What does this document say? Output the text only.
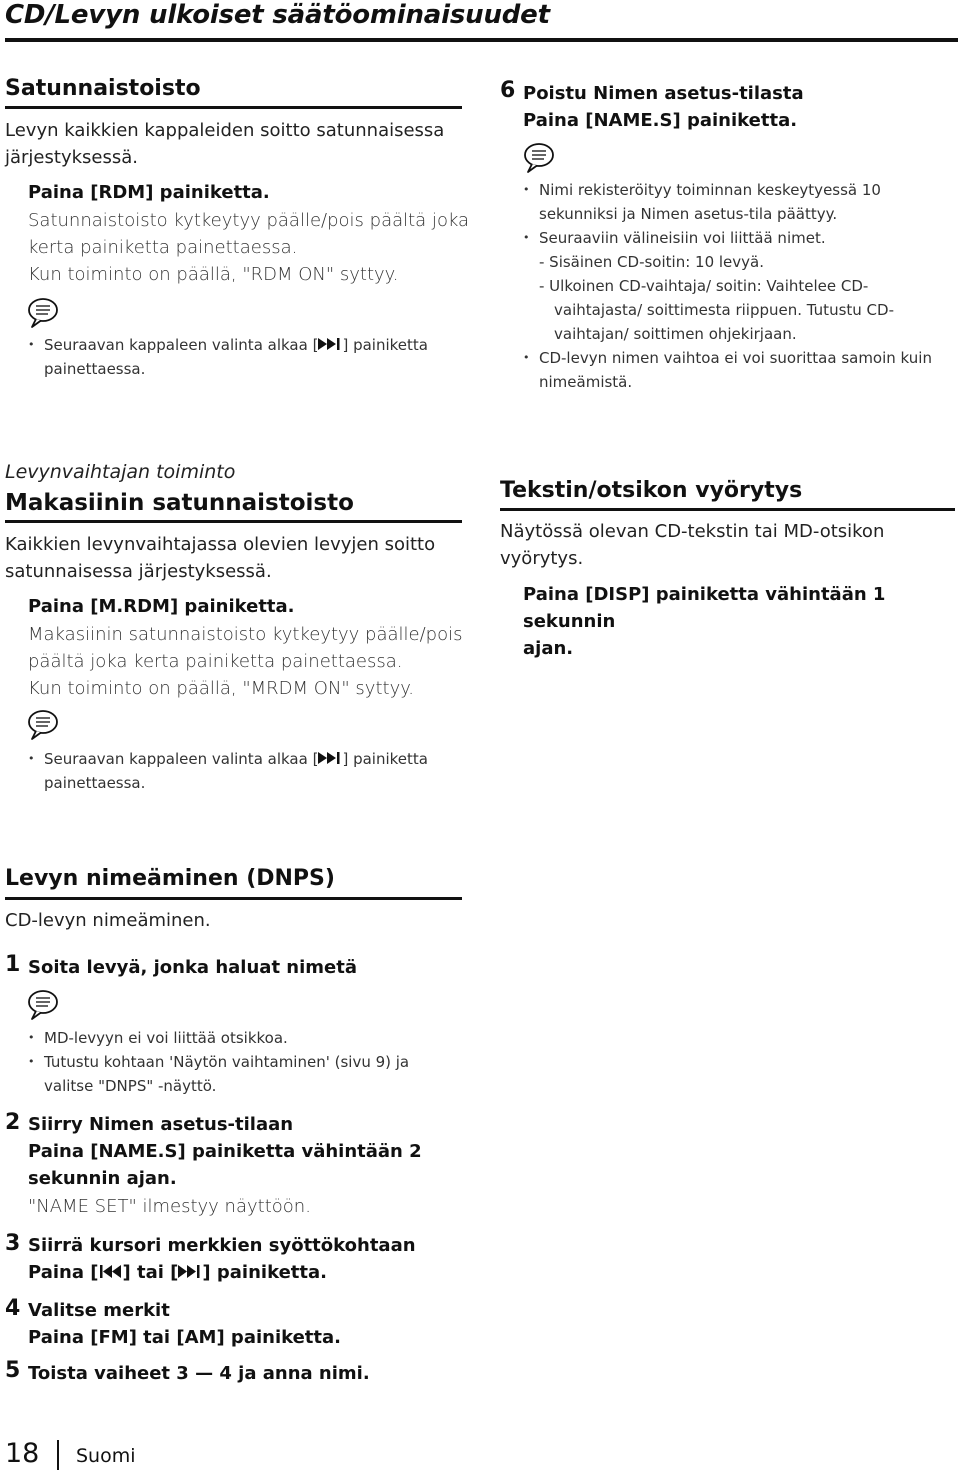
CD/Levyn ulkoiset säätöominaisuudet
Satunnaistoisto
Levyn kaikkien kappaleiden soitto satunnaisessa
järjestyksessä.
Paina [RDM] painiketta.
Satunnaistoisto kytkeytyy päälle/pois päältä joka
kerta painiketta painettaessa.
Kun toiminto on päällä, "RDM ON" syttyy.
• Seuraavan kappaleen valinta alkaa [ ] painiketta
painettaessa.
6 Poistu Nimen asetus-tilasta
Paina [NAME.S] painiketta.
• Nimi rekisteröityy toiminnan keskeytyessä 10
sekunniksi ja Nimen asetus-tila päättyy.
• Seuraaviin välineisiin voi liittää nimet.
- Sisäinen CD-soitin: 10 levyä.
- Ulkoinen CD-vaihtaja/ soitin: Vaihtelee CD-
vaihtajasta/ soittimesta riippuen. Tutustu CD-
vaihtajan/ soittimen ohjekirjaan.
• CD-levyn nimen vaihtoa ei voi suorittaa samoin kuin
nimeämistä.
Levynvaihtajan toiminto
Makasiinin satunnaistoisto
Kaikkien levynvaihtajassa olevien levyjen soitto
satunnaisessa järjestyksessä.
Paina [M.RDM] painiketta.
Makasiinin satunnaistoisto kytkeytyy päälle/pois
päältä joka kerta painiketta painettaessa.
Kun toiminto on päällä, "MRDM ON" syttyy.
• Seuraavan kappaleen valinta alkaa [ ] painiketta
painettaessa.
Tekstin/otsikon vyörytys
Näytössä olevan CD-tekstin tai MD-otsikon
vyörytys.
Paina [DISP] painiketta vähintään 1 sekunnin
ajan.
Levyn nimeäminen (DNPS)
CD-levyn nimeäminen.
1 Soita levyä, jonka haluat nimetä
• MD-levyyn ei voi liittää otsikkoa.
• Tutustu kohtaan 'Näytön vaihtaminen' (sivu 9) ja
valitse "DNPS" -näyttö.
2 Siirry Nimen asetus-tilaan
Paina [NAME.S] painiketta vähintään 2
sekunnin ajan.
"NAME SET" ilmestyy näyttöön.
3 Siirrä kursori merkkien syöttökohtaan
Paina [ ] tai [ ] painiketta.
4 Valitse merkit
Paina [FM] tai [AM] painiketta.
5 Toista vaiheet 3 — 4 ja anna nimi.
18 Suomi
